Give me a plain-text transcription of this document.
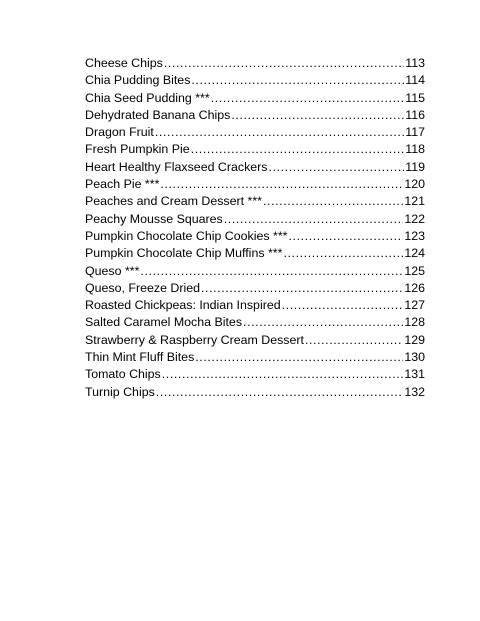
Cheese Chips .....	113
Chia Pudding Bites .....	114
Chia Seed Pudding *** .....	115
Dehydrated Banana Chips .....	116
Dragon Fruit .....	117
Fresh Pumpkin Pie .....	118
Heart Healthy Flaxseed Crackers .....	119
Peach Pie *** .....	120
Peaches and Cream Dessert *** .....	121
Peachy Mousse Squares .....	122
Pumpkin Chocolate Chip Cookies *** .....	123
Pumpkin Chocolate Chip Muffins *** .....	124
Queso *** .....	125
Queso, Freeze Dried .....	126
Roasted Chickpeas: Indian Inspired .....	127
Salted Caramel Mocha Bites .....	128
Strawberry & Raspberry Cream Dessert .....	129
Thin Mint Fluff Bites .....	130
Tomato Chips .....	131
Turnip Chips .....	132
